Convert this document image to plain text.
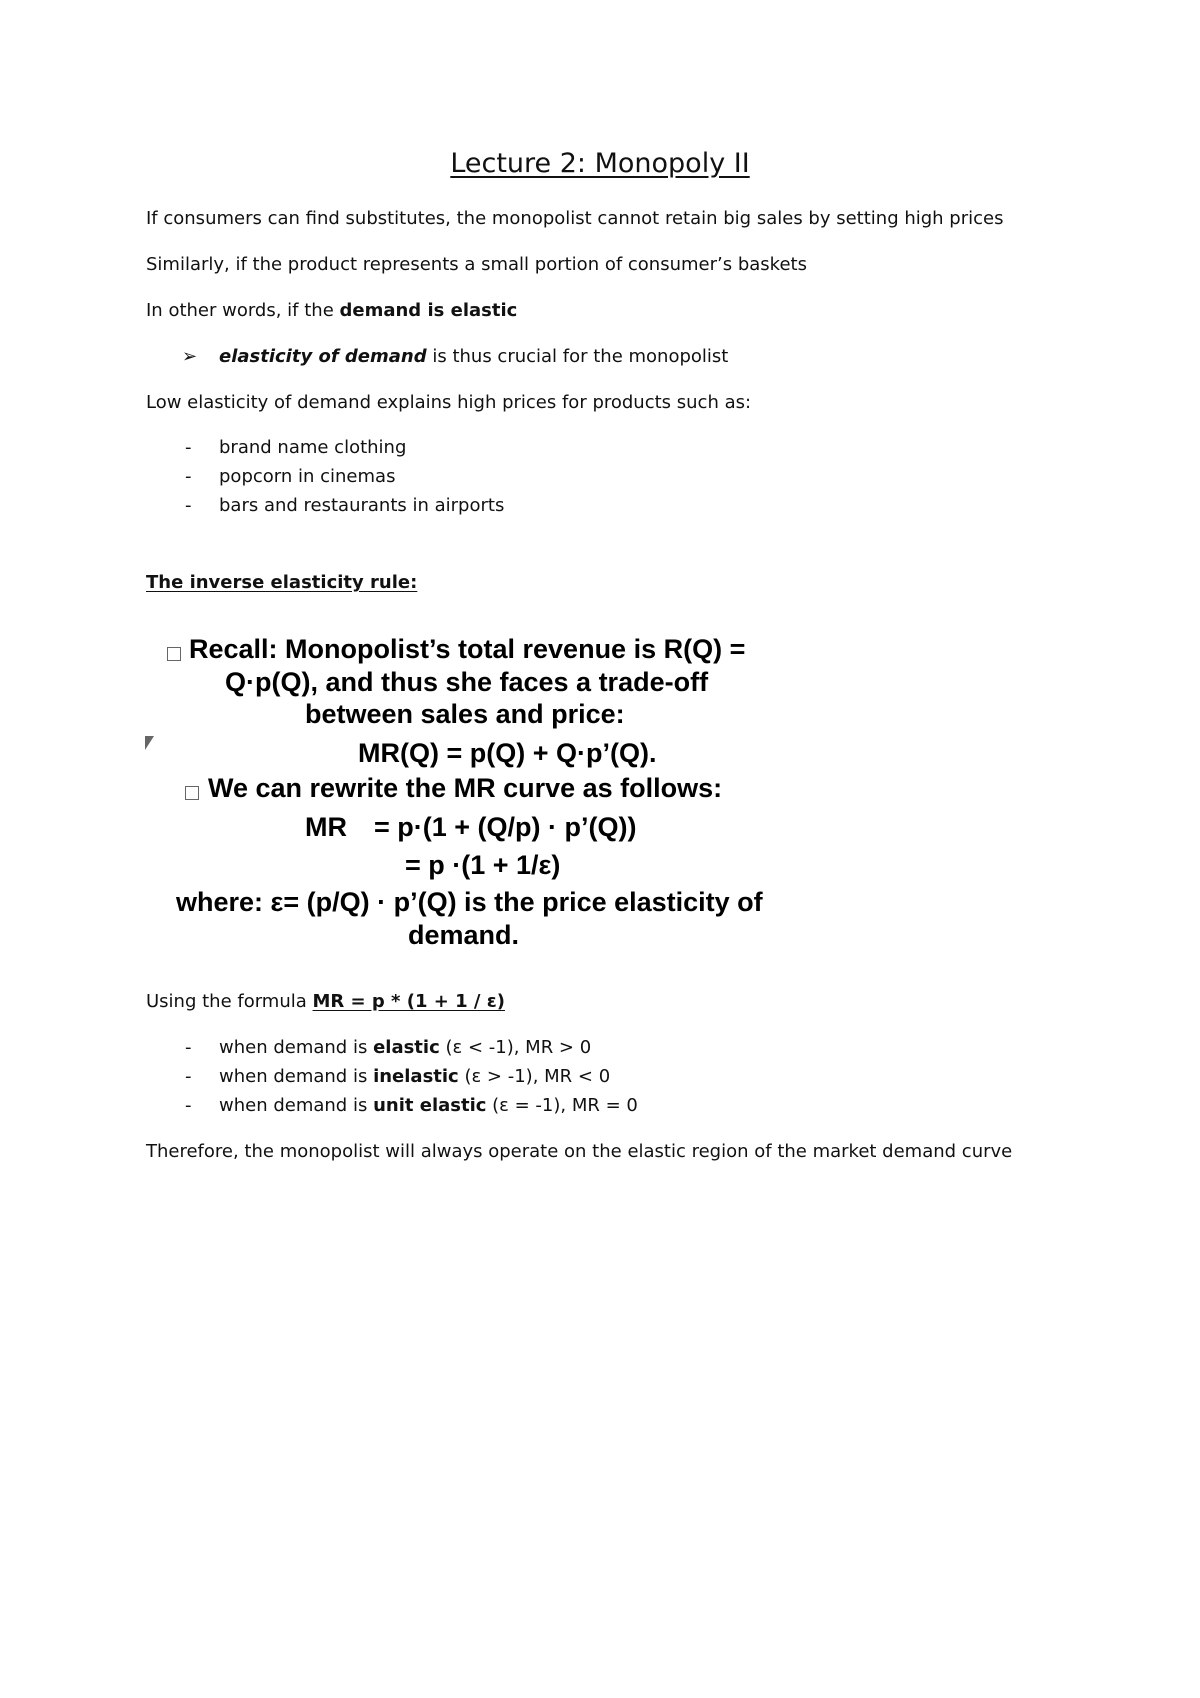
Lecture 2: Monopoly II
If consumers can find substitutes, the monopolist cannot retain big sales by setting high prices
Similarly, if the product represents a small portion of consumer’s baskets
In other words, if the demand is elastic
➢ elasticity of demand is thus crucial for the monopolist
Low elasticity of demand explains high prices for products such as:
- brand name clothing
- popcorn in cinemas
- bars and restaurants in airports
The inverse elasticity rule:
Recall: Monopolist’s total revenue is R(Q) =
Q·p(Q), and thus she faces a trade-off
between sales and price:
MR(Q) = p(Q) + Q·p’(Q).
We can rewrite the MR curve as follows:
MR = p·(1 + (Q/p) · p’(Q))
= p ·(1 + 1/ε)
where: ε= (p/Q) · p’(Q) is the price elasticity of
demand.
Using the formula MR = p * (1 + 1 / ε)
- when demand is elastic (ε < -1), MR > 0
- when demand is inelastic (ε > -1), MR < 0
- when demand is unit elastic (ε = -1), MR = 0
Therefore, the monopolist will always operate on the elastic region of the market demand curve
